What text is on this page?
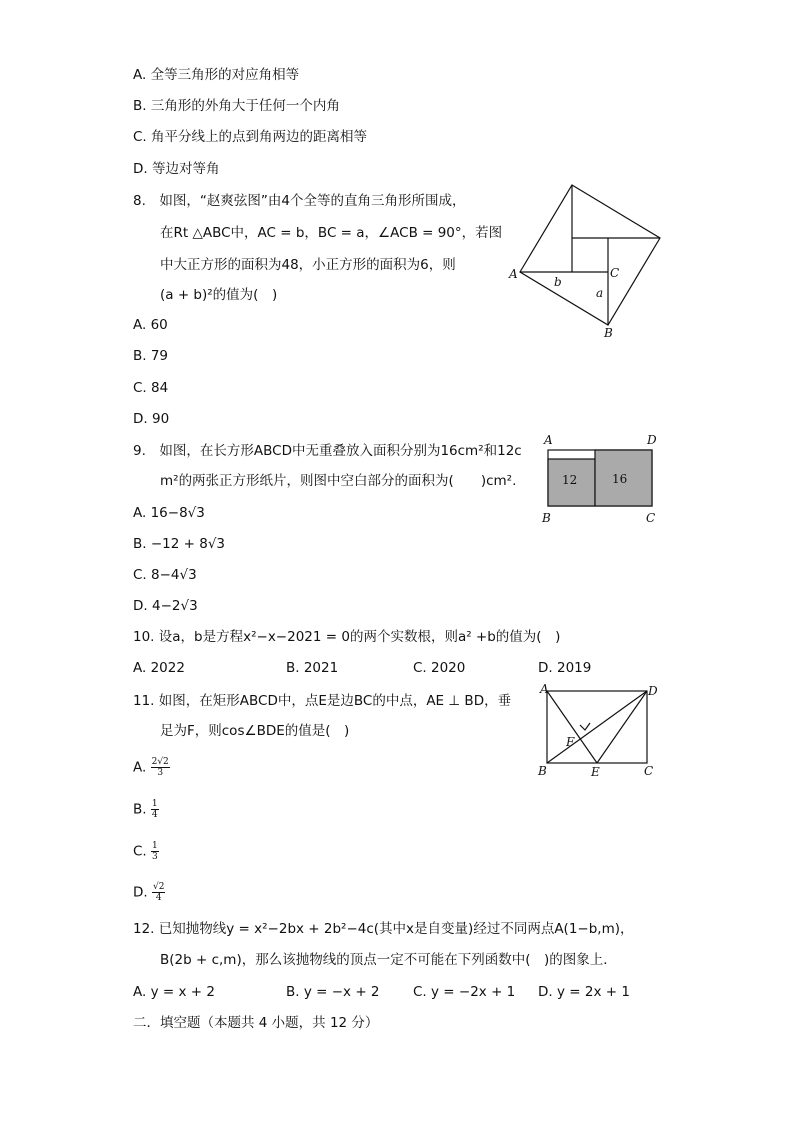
A. 全等三角形的对应角相等
B. 三角形的外角大于任何一个内角
C. 角平分线上的点到角两边的距离相等
D. 等边对等角
8.　如图，“赵爽弦图”由4个全等的直角三角形所围成，
在Rt △ABC中，AC = b，BC = a，∠ACB = 90°，若图
中大正方形的面积为48，小正方形的面积为6，则
(a + b)²的值为(　)
A
B
C
a
b
A. 60
B. 79
C. 84
D. 90
9.　如图，在长方形ABCD中无重叠放入面积分别为16cm²和12c
m²的两张正方形纸片，则图中空白部分的面积为(　　)cm².	12	16
A	D
B	C
A. 16−8√3
B. −12 + 8√3
C. 8−4√3
D. 4−2√3
10. 设a，b是方程x²−x−2021 = 0的两个实数根，则a² +b的值为(　)
A. 2022	B. 2021	C. 2020	D. 2019
11. 如图，在矩形ABCD中，点E是边BC的中点，AE ⊥ BD，垂
足为F，则cos∠BDE的值是(　)
A	D
F
B	E	C
A. $\frac{2√2}{3}$
B. $\frac{1}{4}$
C. $\frac{1}{3}$
D. $\frac{√2}{4}$
12. 已知抛物线y = x²−2bx + 2b²−4c(其中x是自变量)经过不同两点A(1−b,m)，
B(2b + c,m)，那么该抛物线的顶点一定不可能在下列函数中(　)的图象上．
A. y = x + 2	B. y = −x + 2 C. y = −2x + 1 D. y = 2x + 1
二．填空题（本题共 4 小题，共 12 分）
